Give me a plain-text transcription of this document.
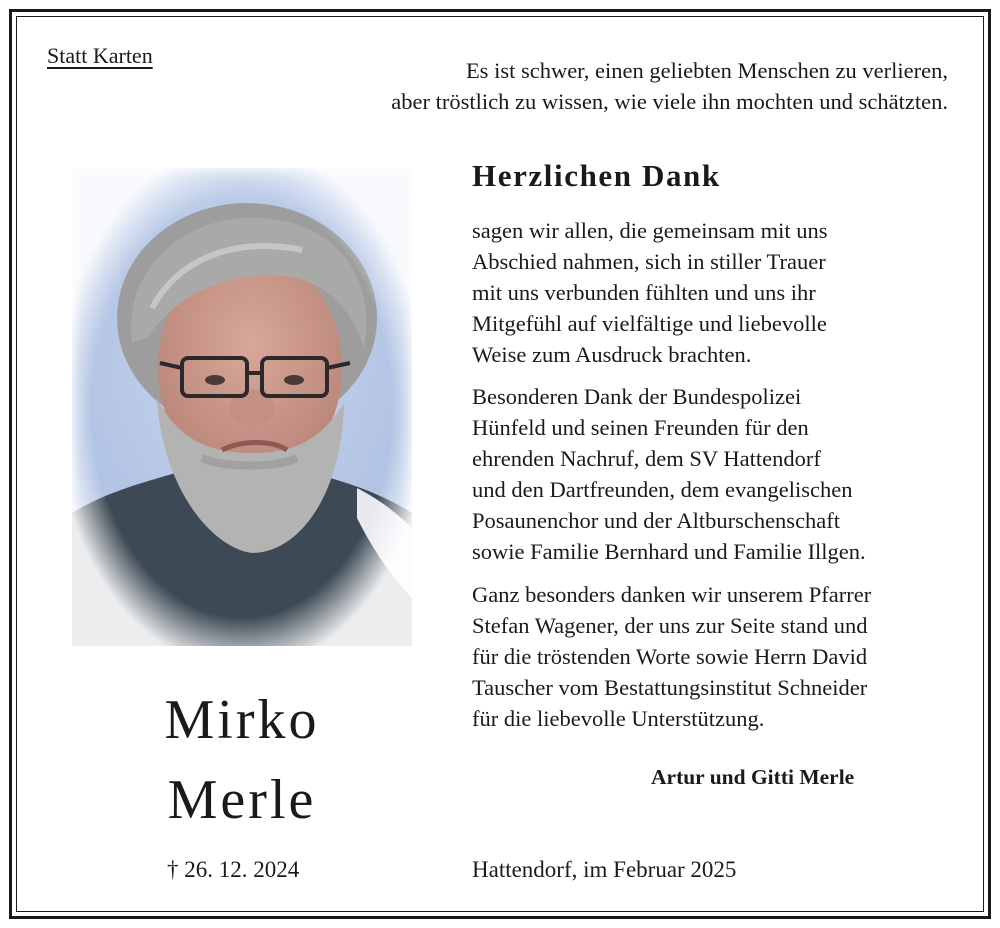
Statt Karten
Es ist schwer, einen geliebten Menschen zu verlieren,
aber tröstlich zu wissen, wie viele ihn mochten und schätzten.
Herzlichen Dank
sagen wir allen, die gemeinsam mit uns
Abschied nahmen, sich in stiller Trauer
mit uns verbunden fühlten und uns ihr
Mitgefühl auf vielfältige und liebevolle
Weise zum Ausdruck brachten.
Besonderen Dank der Bundespolizei
Hünfeld und seinen Freunden für den
ehrenden Nachruf, dem SV Hattendorf
und den Dartfreunden, dem evangelischen
Posaunenchor und der Altburschenschaft
sowie Familie Bernhard und Familie Illgen.
Ganz besonders danken wir unserem Pfarrer
Stefan Wagener, der uns zur Seite stand und
für die tröstenden Worte sowie Herrn David
Tauscher vom Bestattungsinstitut Schneider
für die liebevolle Unterstützung.
Mirko
Merle	Artur und Gitti Merle
† 26. 12. 2024	Hattendorf, im Februar 2025
